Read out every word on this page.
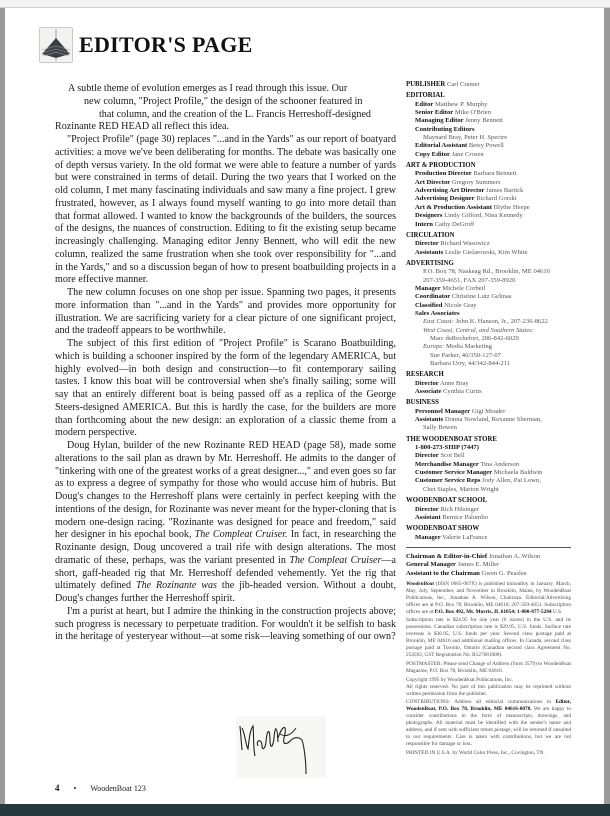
EDITOR'S PAGE

A subtle theme of evolution emerges as I read through this issue. Our
new column, "Project Profile," the design of the schooner featured in
that column, and the creation of the L. Francis Herreshoff-designed
Rozinante RED HEAD all reflect this idea.

"Project Profile" (page 30) replaces "...and in the Yards" as our report of boatyard activities: a move we've been deliberating for months. The debate was basically one of depth versus variety. In the old format we were able to feature a number of yards but were constrained in terms of detail. During the two years that I worked on the old column, I met many fascinating individuals and saw many a fine project. I grew frustrated, however, as I always found myself wanting to go into more detail than that format allowed. I wanted to know the backgrounds of the builders, the sources of the designs, the nuances of construction. Editing to fit the existing setup became increasingly challenging. Managing editor Jenny Bennett, who will edit the new column, realized the same frustration when she took over responsibility for "...and in the Yards," and so a discussion began of how to present boatbuilding projects in a more effective manner.

The new column focuses on one shop per issue. Spanning two pages, it presents more information than "...and in the Yards" and provides more opportunity for illustration. We are sacrificing variety for a clear picture of one significant project, and the tradeoff appears to be worthwhile.

The subject of this first edition of "Project Profile" is Scarano Boatbuilding, which is building a schooner inspired by the form of the legendary AMERICA, but highly evolved—in both design and construction—to fit contemporary sailing tastes. I know this boat will be controversial when she's finally sailing; some will say that an entirely different boat is being passed off as a replica of the George Steers-designed AMERICA. But this is hardly the case, for the builders are more than forthcoming about the new design: an exploration of a classic theme from a modern perspective.

Doug Hylan, builder of the new Rozinante RED HEAD (page 58), made some alterations to the sail plan as drawn by Mr. Herreshoff. He admits to the danger of "tinkering with one of the greatest works of a great designer...," and even goes so far as to express a degree of sympathy for those who would accuse him of hubris. But Doug's changes to the Herreshoff plans were certainly in perfect keeping with the intentions of the design, for Rozinante was never meant for the hyper-cloning that is modern one-design racing. "Rozinante was designed for peace and freedom," said her designer in his epochal book, The Compleat Cruiser. In fact, in researching the Rozinante design, Doug uncovered a trail rife with design alterations. The most dramatic of these, perhaps, was the variant presented in The Compleat Cruiser—a short, gaff-headed rig that Mr. Herreshoff defended vehemently. Yet the rig that ultimately defined The Rozinante was the jib-headed version. Without a doubt, Doug's changes further the Herreshoff spirit.

I'm a purist at heart, but I admire the thinking in the construction projects above; such progress is necessary to perpetuate tradition. For wouldn't it be selfish to bask in the heritage of yesteryear without—at some risk—leaving something of our own?

4 • WoodenBoat 123
PUBLISHER Carl Cramer
EDITORIAL
Editor Matthew P. Murphy
Senior Editor Mike O'Brien
Managing Editor Jenny Bennett
Contributing Editors
Maynard Bray, Peter H. Spectre
Editorial Assistant Betsy Powell
Copy Editor Jane Crosen
ART & PRODUCTION
Production Director Barbara Bennett
Art Director Gregory Summers
Advertising Art Director James Bartick
Advertising Designer Richard Gorski
Art & Production Assistant Blythe Heepe
Designers Lindy Gifford, Nina Kennedy
Intern Cathy DeGroff
CIRCULATION
Director Richard Wasowicz
Assistants Leslie Gielarowski, Kim White
ADVERTISING
P.O. Box 78, Naskeag Rd., Brooklin, ME 04616
207-359-4651, FAX 207-359-8920
Manager Michele Corbeil
Coordinator Christine Lutz Gelinas
Classified Nicole Gray
Sales Associates
East Coast: John K. Hanson, Jr., 207-236-8622
West Coast, Central, and Southern States:
Marc deRochefort, 206-842-6029
Europe: Media Marketing
Sue Parker, 46/350-127-07
Barbara Urry, 44/342-844-211
RESEARCH
Director Anne Bray
Associate Cynthia Curtis
BUSINESS
Personnel Manager Gigi Meader
Assistants Donna Nowland, Roxanne Sherman,
Sally Bowen
THE WOODENBOAT STORE
1-800-273-SHIP (7447)
Director Scot Bell
Merchandise Manager Tina Anderson
Customer Service Manager Michaela Baldwin
Customer Service Reps Jody Allen, Pat Lown,
Chet Staples, Marion Wright
WOODENBOAT SCHOOL
Director Rich Hilsinger
Assistant Bernice Palumbo
WOODENBOAT SHOW
Manager Valerie LaFrance
Chairman & Editor-in-Chief Jonathan A. Wilson
General Manager James E. Miller
Assistant to the Chairman Gwen G. Peaslee
WoodenBoat (ISSN 0005-067X) is published bimonthly in January, March, May, July, September, and November in Brooklin, Maine, by WoodenBoat Publications, Inc., Jonathan A. Wilson, Chairman. Editorial/Advertising offices are at P.O. Box 78, Brooklin, ME 04616; 207-359-4651. Subscription offices are at P.O. Box 492, Mt. Morris, IL 61054; 1-800-877-5284 U.S.
Subscription rate is $24.95 for one year (6 issues) in the U.S. and its possessions. Canadian subscription rate is $29.95, U.S. funds. Surface rate overseas is $36.95, U.S. funds per year. Second class postage paid at Brooklin, ME 04616 and additional mailing offices. In Canada, second class postage paid at Toronto, Ontario (Canadian second class Agreement No. 254592, GST Registration No. R127081008).
POSTMASTER: Please send Change of Address (form 3579) to WoodenBoat Magazine, P.O. Box 78, Brooklin, ME 04616.
Copyright 1995 by WoodenBoat Publications, Inc.
All rights reserved. No part of this publication may be reprinted without written permission from the publisher.
CONTRIBUTIONS: Address all editorial communications to Editor, WoodenBoat, P.O. Box 78, Brooklin, ME 04616-0078. We are happy to consider contributions in the form of manuscripts, drawings, and photographs. All material must be identified with the sender's name and address, and if sent with sufficient return postage, will be returned if unsuited to our requirements. Care is taken with contributions, but we are not responsible for damage or loss.
PRINTED IN U.S.A. by World Color Press, Inc., Covington, TN.
